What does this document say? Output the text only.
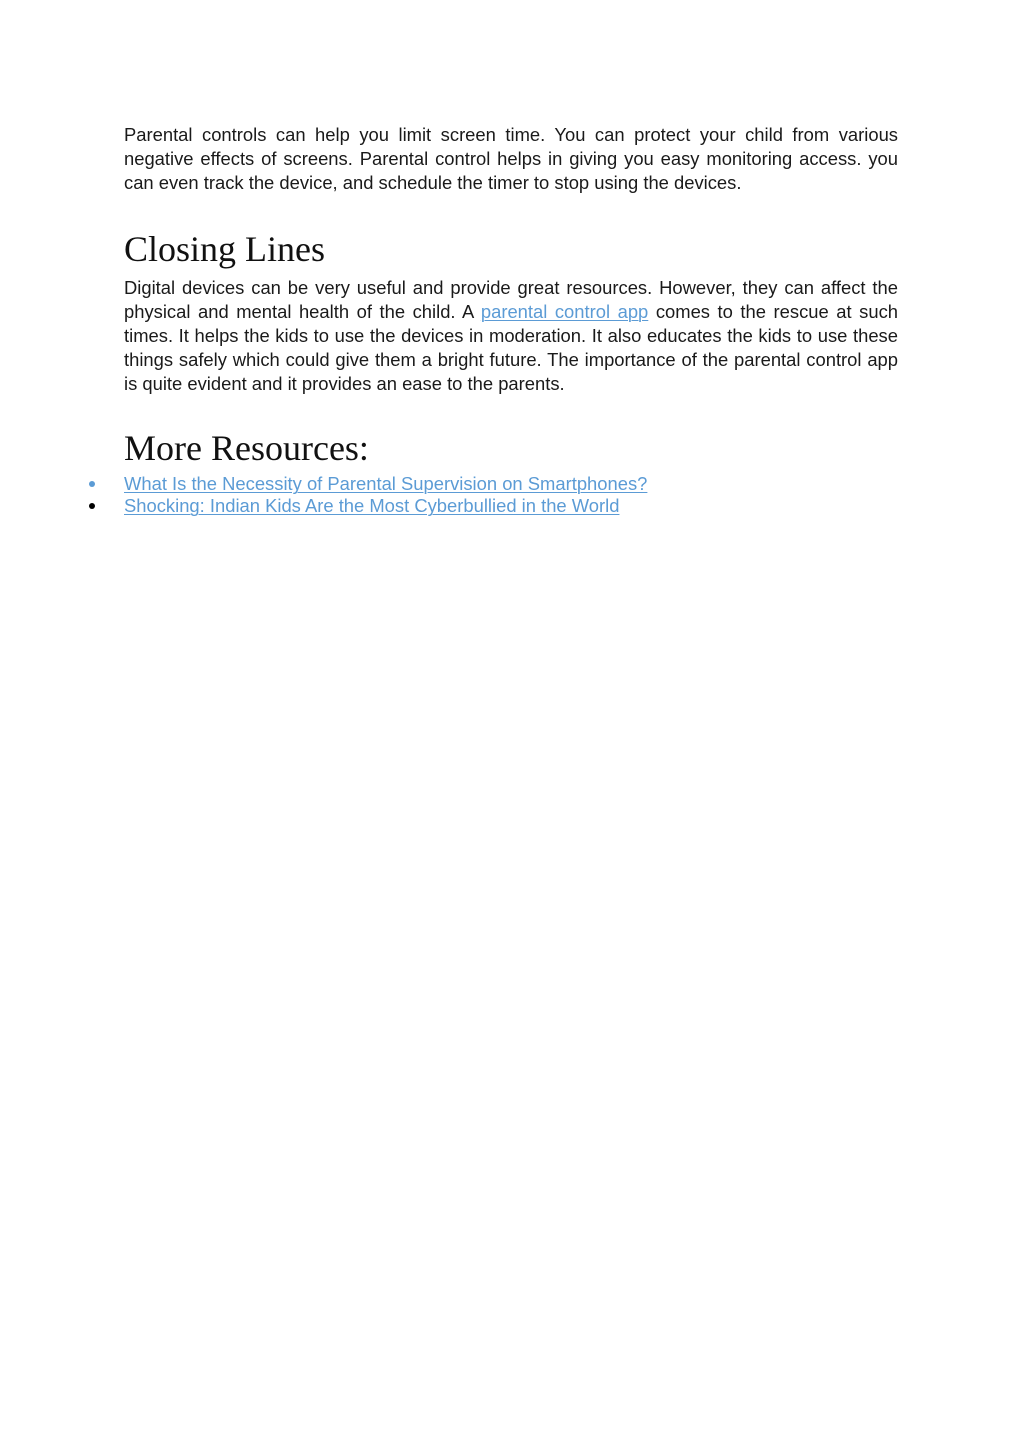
Parental controls can help you limit screen time. You can protect your child from various negative effects of screens. Parental control helps in giving you easy monitoring access. you can even track the device, and schedule the timer to stop using the devices.

Closing Lines

Digital devices can be very useful and provide great resources. However, they can affect the physical and mental health of the child. A parental control app comes to the rescue at such times. It helps the kids to use the devices in moderation. It also educates the kids to use these things safely which could give them a bright future. The importance of the parental control app is quite evident and it provides an ease to the parents.

More Resources:
What Is the Necessity of Parental Supervision on Smartphones?
Shocking: Indian Kids Are the Most Cyberbullied in the World
